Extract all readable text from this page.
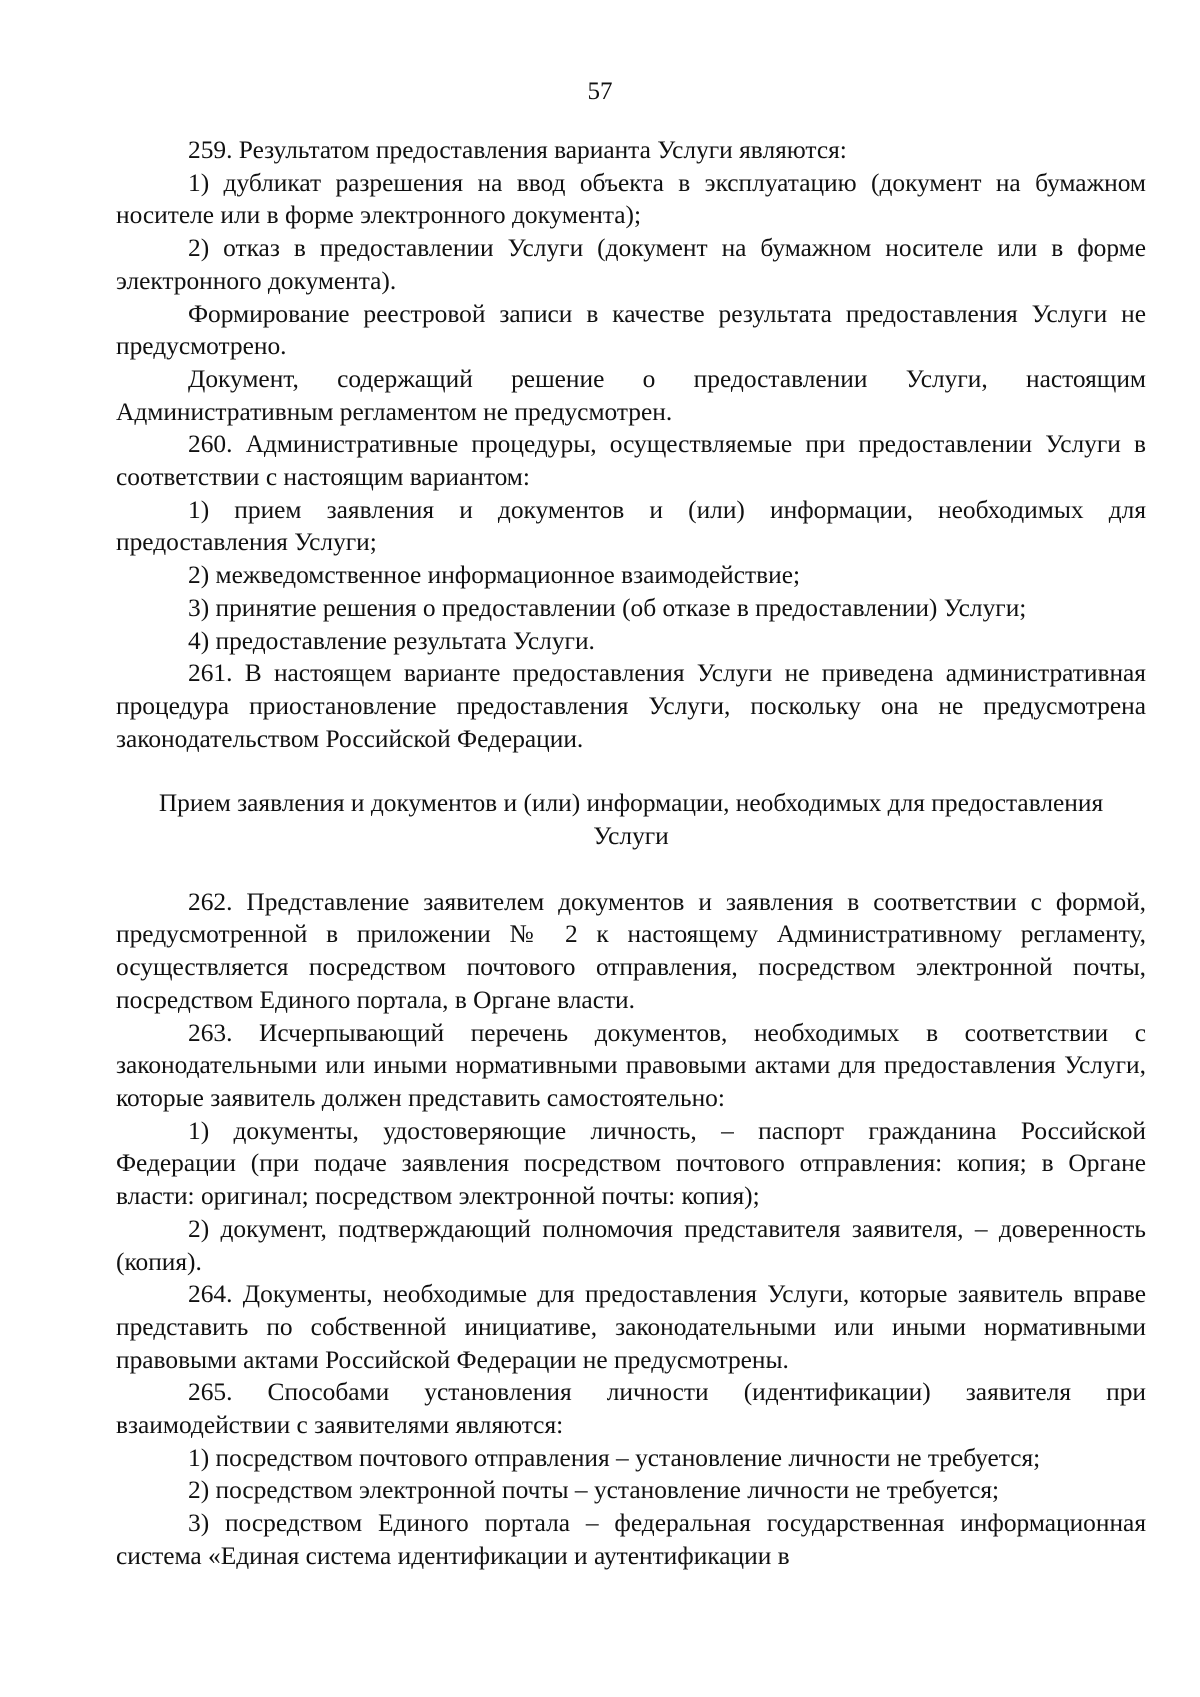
57

259. Результатом предоставления варианта Услуги являются:

1) дубликат разрешения на ввод объекта в эксплуатацию (документ на бумажном носителе или в форме электронного документа);

2) отказ в предоставлении Услуги (документ на бумажном носителе или в форме электронного документа).

Формирование реестровой записи в качестве результата предоставления Услуги не предусмотрено.

Документ, содержащий решение о предоставлении Услуги, настоящим Административным регламентом не предусмотрен.

260. Административные процедуры, осуществляемые при предоставлении Услуги в соответствии с настоящим вариантом:

1) прием заявления и документов и (или) информации, необходимых для предоставления Услуги;

2) межведомственное информационное взаимодействие;

3) принятие решения о предоставлении (об отказе в предоставлении) Услуги;

4) предоставление результата Услуги.

261. В настоящем варианте предоставления Услуги не приведена административная процедура приостановление предоставления Услуги, поскольку она не предусмотрена законодательством Российской Федерации.

Прием заявления и документов и (или) информации, необходимых для предоставления Услуги

262. Представление заявителем документов и заявления в соответствии с формой, предусмотренной в приложении № 2 к настоящему Административному регламенту, осуществляется посредством почтового отправления, посредством электронной почты, посредством Единого портала, в Органе власти.

263. Исчерпывающий перечень документов, необходимых в соответствии с законодательными или иными нормативными правовыми актами для предоставления Услуги, которые заявитель должен представить самостоятельно:

1) документы, удостоверяющие личность, – паспорт гражданина Российской Федерации (при подаче заявления посредством почтового отправления: копия; в Органе власти: оригинал; посредством электронной почты: копия);

2) документ, подтверждающий полномочия представителя заявителя, – доверенность (копия).

264. Документы, необходимые для предоставления Услуги, которые заявитель вправе представить по собственной инициативе, законодательными или иными нормативными правовыми актами Российской Федерации не предусмотрены.

265. Способами установления личности (идентификации) заявителя при взаимодействии с заявителями являются:

1) посредством почтового отправления – установление личности не требуется;

2) посредством электронной почты – установление личности не требуется;

3) посредством Единого портала – федеральная государственная информационная система «Единая система идентификации и аутентификации в
